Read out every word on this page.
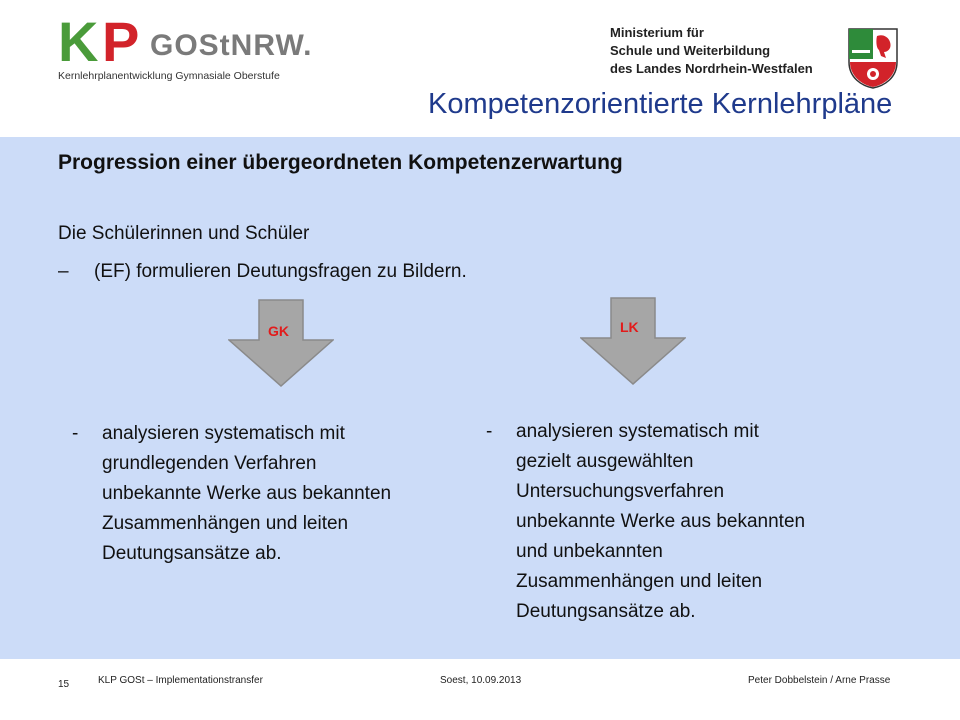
K P GOStNRW.
Kernlehrplanentwicklung Gymnasiale Oberstufe
Ministerium für
Schule und Weiterbildung
des Landes Nordrhein-Westfalen
Kompetenzorientierte Kernlehrpläne
Progression einer übergeordneten Kompetenzerwartung
Die Schülerinnen und Schüler
– (EF) formulieren Deutungsfragen zu Bildern.
GK	LK
- analysieren systematisch mit
grundlegenden Verfahren
unbekannte Werke aus bekannten
Zusammenhängen und leiten
Deutungsansätze ab.
- analysieren systematisch mit
gezielt ausgewählten
Untersuchungsverfahren
unbekannte Werke aus bekannten
und unbekannten
Zusammenhängen und leiten
Deutungsansätze ab.
15	KLP GOSt – Implementationstransfer	Soest, 10.09.2013	Peter Dobbelstein / Arne Prasse
